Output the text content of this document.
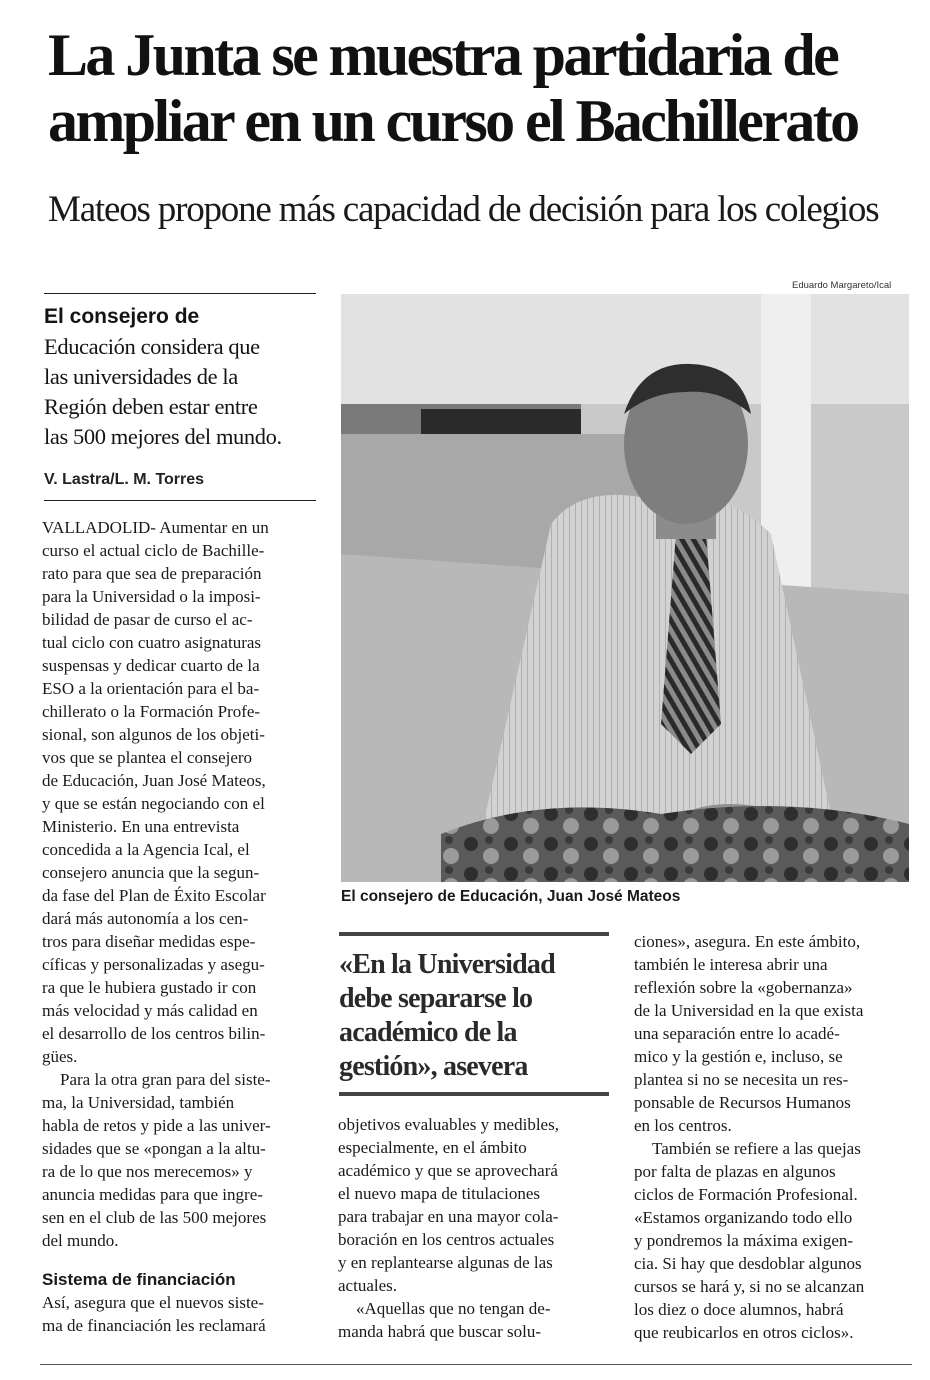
La Junta se muestra partidaria de
ampliar en un curso el Bachillerato
Mateos propone más capacidad de decisión para los colegios
El consejero de
Educación considera que
las universidades de la
Región deben estar entre
las 500 mejores del mundo.
V. Lastra/L. M. Torres
VALLADOLID- Aumentar en un
curso el actual ciclo de Bachille-
rato para que sea de preparación
para la Universidad o la imposi-
bilidad de pasar de curso el ac-
tual ciclo con cuatro asignaturas
suspensas y dedicar cuarto de la
ESO a la orientación para el ba-
chillerato o la Formación Profe-
sional, son algunos de los objeti-
vos que se plantea el consejero
de Educación, Juan José Mateos,
y que se están negociando con el
Ministerio. En una entrevista
concedida a la Agencia Ical, el
consejero anuncia que la segun-
da fase del Plan de Éxito Escolar
dará más autonomía a los cen-
tros para diseñar medidas espe-
cíficas y personalizadas y asegu-
ra que le hubiera gustado ir con
más velocidad y más calidad en
el desarrollo de los centros bilin-
gües.
Para la otra gran para del siste-
ma, la Universidad, también
habla de retos y pide a las univer-
sidades que se «pongan a la altu-
ra de lo que nos merecemos» y
anuncia medidas para que ingre-
sen en el club de las 500 mejores
del mundo.
Sistema de financiación
Así, asegura que el nuevos siste-
ma de financiación les reclamará
Eduardo Margareto/Ical
El consejero de Educación, Juan José Mateos
«En la Universidad
debe separarse lo
académico de la
gestión», asevera
objetivos evaluables y medibles,
especialmente, en el ámbito
académico y que se aprovechará
el nuevo mapa de titulaciones
para trabajar en una mayor cola-
boración en los centros actuales
y en replantearse algunas de las
actuales.
«Aquellas que no tengan de-
manda habrá que buscar solu-
ciones», asegura. En este ámbito,
también le interesa abrir una
reflexión sobre la «gobernanza»
de la Universidad en la que exista
una separación entre lo acadé-
mico y la gestión e, incluso, se
plantea si no se necesita un res-
ponsable de Recursos Humanos
en los centros.
También se refiere a las quejas
por falta de plazas en algunos
ciclos de Formación Profesional.
«Estamos organizando todo ello
y pondremos la máxima exigen-
cia. Si hay que desdoblar algunos
cursos se hará y, si no se alcanzan
los diez o doce alumnos, habrá
que reubicarlos en otros ciclos».
